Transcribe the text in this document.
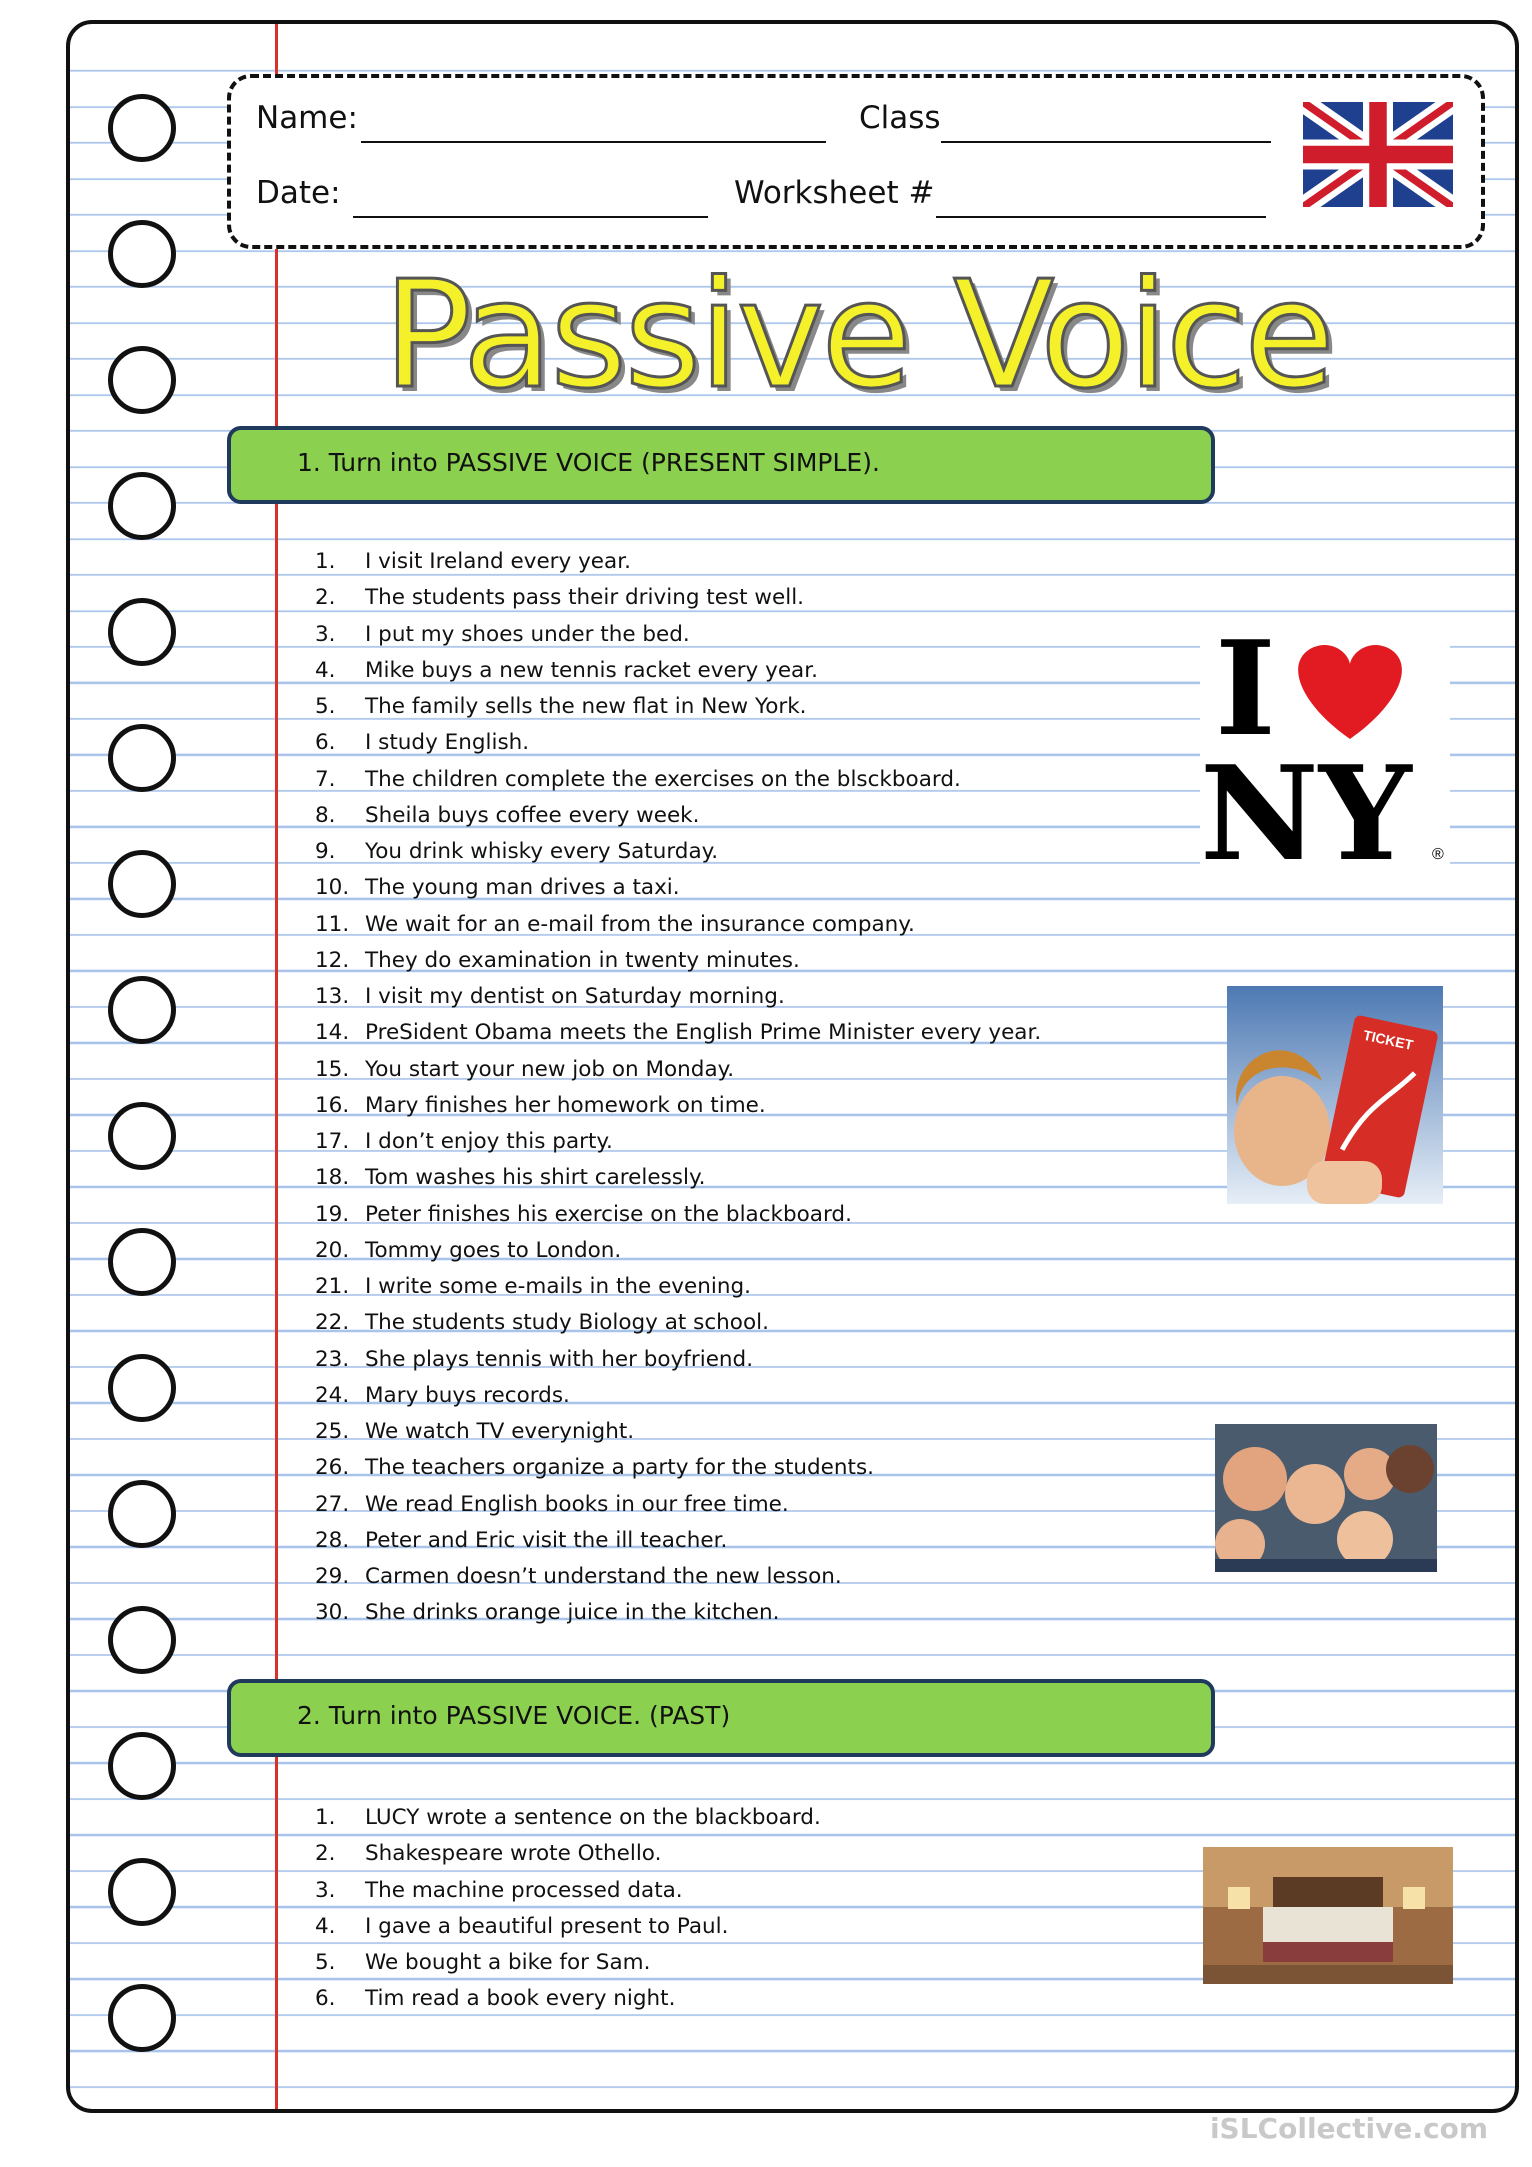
Name:	Class
Date:	Worksheet #
Passive Voice
1. Turn into PASSIVE VOICE (PRESENT SIMPLE).
1. I visit Ireland every year.
2. The students pass their driving test well.
3. I put my shoes under the bed.
4. Mike buys a new tennis racket every year.
5. The family sells the new flat in New York.
6. I study English.
7. The children complete the exercises on the blsckboard.
8. Sheila buys coffee every week.
9. You drink whisky every Saturday.
10. The young man drives a taxi.
11. We wait for an e-mail from the insurance company.
12. They do examination in twenty minutes.
13. I visit my dentist on Saturday morning.
14. PreSident Obama meets the English Prime Minister every year.
15. You start your new job on Monday.
16. Mary finishes her homework on time.
17. I don’t enjoy this party.
18. Tom washes his shirt carelessly.
19. Peter finishes his exercise on the blackboard.
20. Tommy goes to London.
21. I write some e-mails in the evening.
22. The students study Biology at school.
23. She plays tennis with her boyfriend.
24. Mary buys records.
25. We watch TV everynight.
26. The teachers organize a party for the students.
27. We read English books in our free time.
28. Peter and Eric visit the ill teacher.
29. Carmen doesn’t understand the new lesson.
30. She drinks orange juice in the kitchen.
2. Turn into PASSIVE VOICE. (PAST)
1. LUCY wrote a sentence on the blackboard.
2. Shakespeare wrote Othello.
3. The machine processed data.
4. I gave a beautiful present to Paul.
5. We bought a bike for Sam.
6. Tim read a book every night.
I
NY ®
TICKET
iSLCollective.com
